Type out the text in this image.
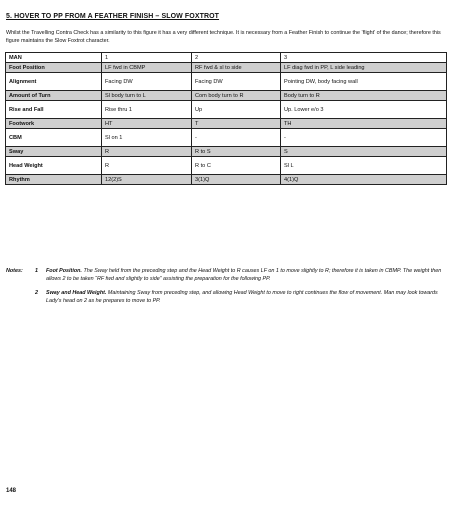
5. HOVER TO PP FROM A FEATHER FINISH – SLOW FOXTROT
Whilst the Travelling Contra Check has a similarity to this figure it has a very different technique. It is necessary from a Feather Finish to continue the ‘flight’ of the dance; therefore this figure maintains the Slow Foxtrot character.
MAN	1	2	3
Foot Position	LF fwd in CBMP	RF fwd & sl to side	LF diag fwd in PP, L side leading
Alignment	Facing DW	Facing DW	Pointing DW, body facing wall
Amount of Turn	Sl body turn to L	Com body turn to R	Body turn to R
Rise and Fall	Rise thru 1	Up	Up. Lower e/o 3
Footwork	HT	T	TH
CBM	Sl on 1	-	-
Sway	R	R to S	S
Head Weight	R	R to C	Sl L
Rhythm	12(2)S	3(1)Q	4(1)Q
Notes: 1 Foot Position. The Sway held from the preceding step and the Head Weight to R causes LF on 1 to move slightly to R; therefore it is taken in CBMP. The weight then allows 2 to be taken “RF fwd and slightly to side” assisting the preparation for the following PP.
2 Sway and Head Weight. Maintaining Sway from preceding step, and allowing Head Weight to move to right continues the flow of movement. Man may look towards Lady’s head on 2 as he prepares to move to PP.
148
